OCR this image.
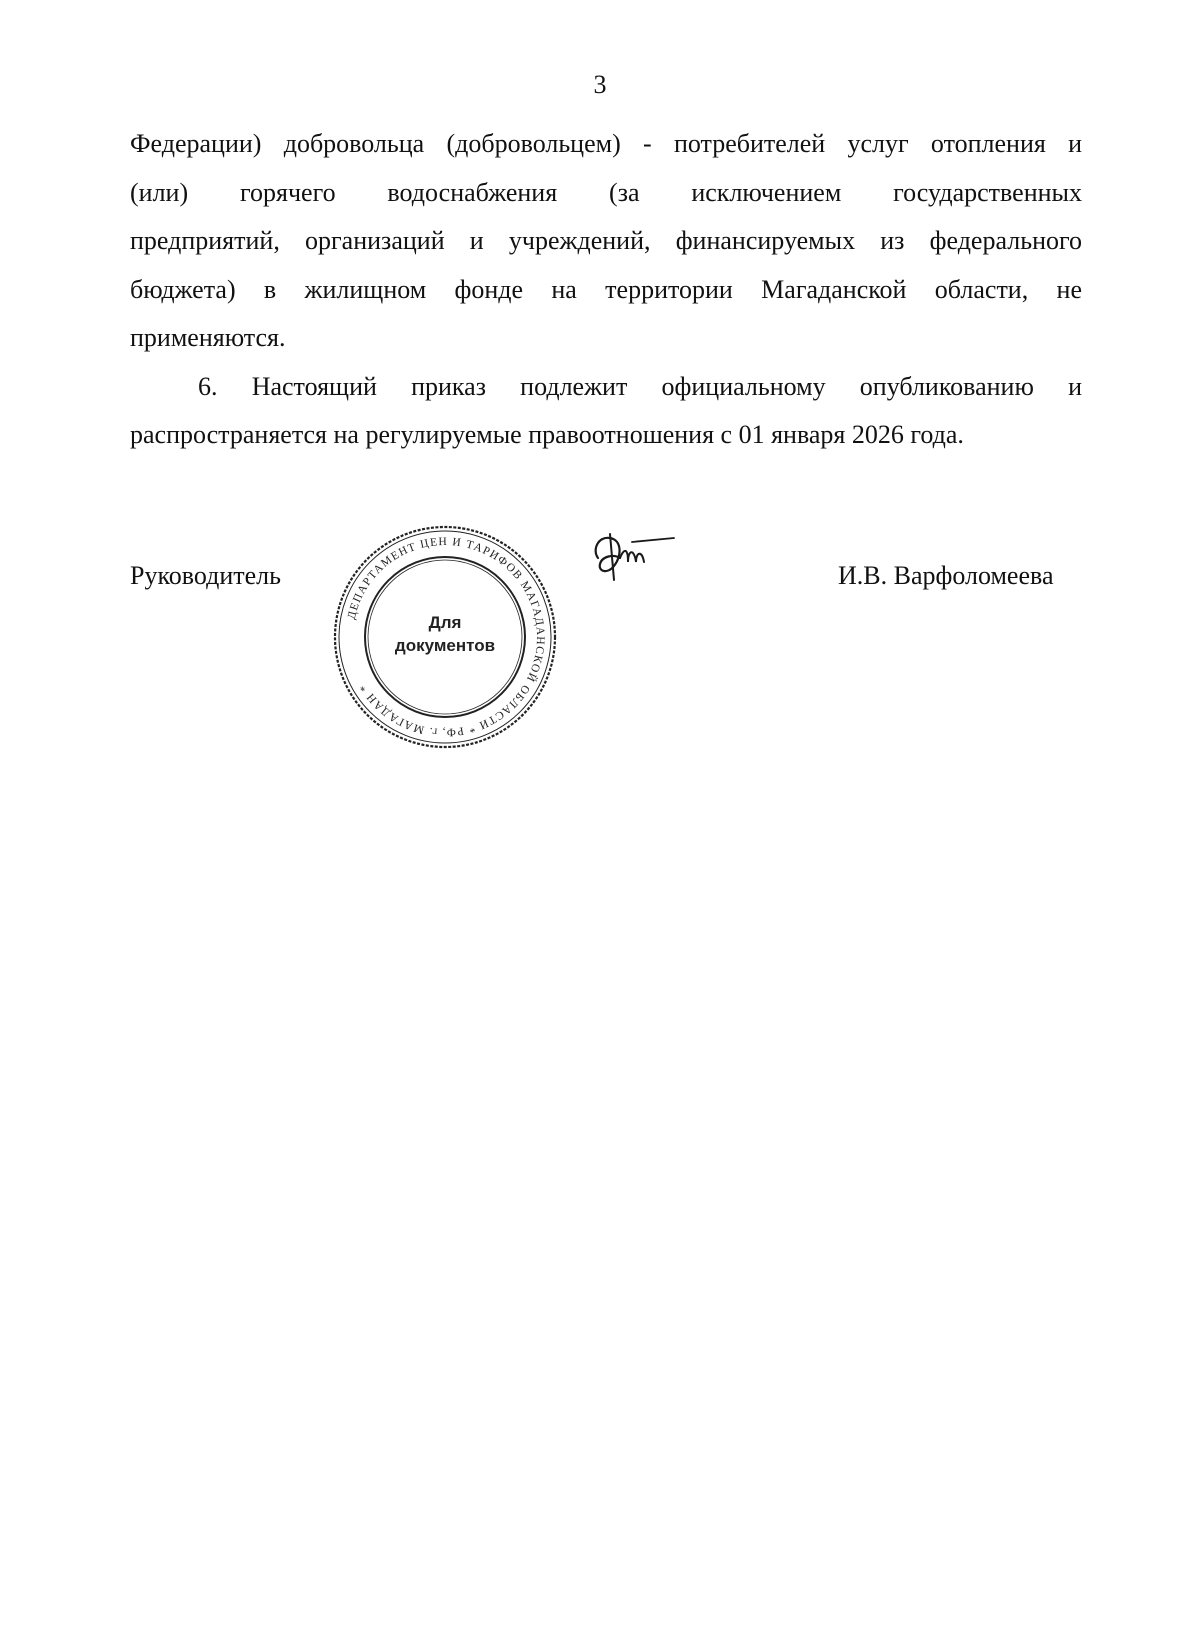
3
Федерации) добровольца (добровольцем) - потребителей услуг отопления и
(или) горячего водоснабжения (за исключением государственных
предприятий, организаций и учреждений, финансируемых из федерального
бюджета) в жилищном фонде на территории Магаданской области, не
применяются.
6. Настоящий приказ подлежит официальному опубликованию и
распространяется на регулируемые правоотношения с 01 января 2026 года.
Руководитель
ДЕПАРТАМЕНТ ЦЕН И ТАРИФОВ МАГАДАНСКОЙ ОБЛАСТИ * РФ, г. МАГАДАН *
Для
документов
И.В. Варфоломеева
